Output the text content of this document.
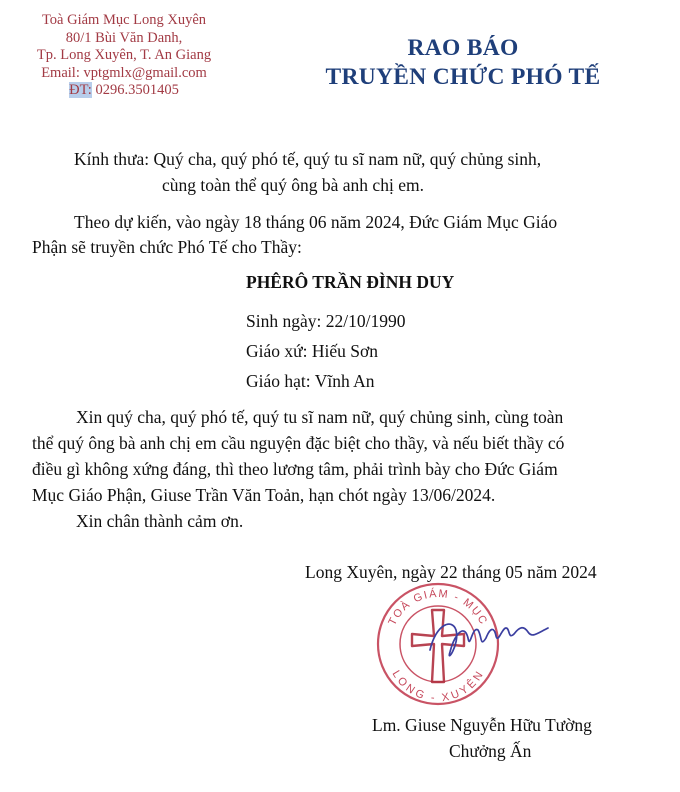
Toà Giám Mục Long Xuyên
80/1 Bùi Văn Danh,
Tp. Long Xuyên, T. An Giang
Email: vptgmlx@gmail.com
ĐT: 0296.3501405
RAO BÁO
TRUYỀN CHỨC PHÓ TẾ
Kính thưa: Quý cha, quý phó tế, quý tu sĩ nam nữ, quý chủng sinh,
cùng toàn thể quý ông bà anh chị em.
Theo dự kiến, vào ngày 18 tháng 06 năm 2024, Đức Giám Mục Giáo
Phận sẽ truyền chức Phó Tế cho Thầy:
PHÊRÔ TRẦN ĐÌNH DUY
Sinh ngày: 22/10/1990
Giáo xứ: Hiếu Sơn
Giáo hạt: Vĩnh An
Xin quý cha, quý phó tế, quý tu sĩ nam nữ, quý chủng sinh, cùng toàn
thể quý ông bà anh chị em cầu nguyện đặc biệt cho thầy, và nếu biết thầy có
điều gì không xứng đáng, thì theo lương tâm, phải trình bày cho Đức Giám
Mục Giáo Phận, Giuse Trần Văn Toản, hạn chót ngày 13/06/2024.
Xin chân thành cảm ơn.
Long Xuyên, ngày 22 tháng 05 năm 2024
TOÀ GIÁM - MỤC
LONG - XUYÊN
Lm. Giuse Nguyễn Hữu Tường
Chưởng Ấn
